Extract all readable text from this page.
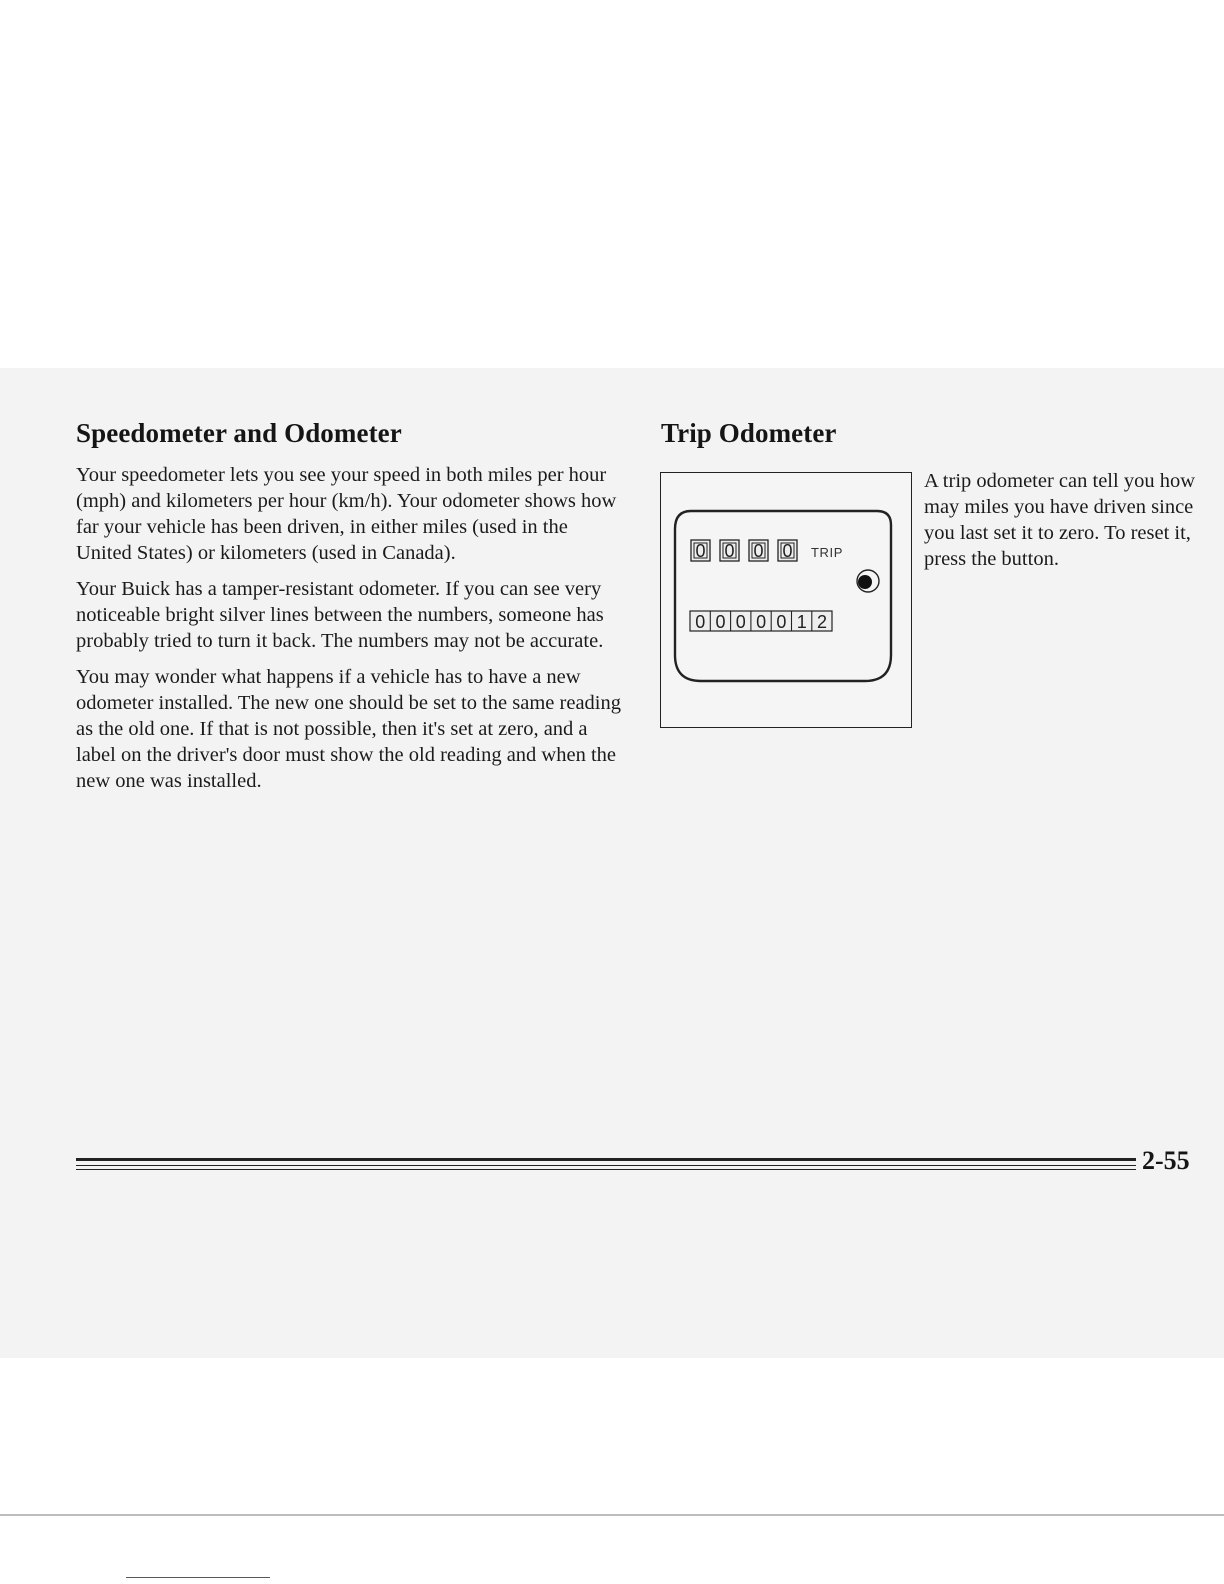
Speedometer and Odometer

Your speedometer lets you see your speed in both miles per hour (mph) and kilometers per hour (km/h). Your odometer shows how far your vehicle has been driven, in either miles (used in the United States) or kilometers (used in Canada).

Your Buick has a tamper-resistant odometer. If you can see very noticeable bright silver lines between the numbers, someone has probably tried to turn it back. The numbers may not be accurate.

You may wonder what happens if a vehicle has to have a new odometer installed. The new one should be set to the same reading as the old one. If that is not possible, then it's set at zero, and a label on the driver's door must show the old reading and when the new one was installed.

Trip Odometer
0 0 0 0 TRIP
0 0 0 0 0 1 2

A trip odometer can tell you how may miles you have driven since you last set it to zero. To reset it, press the button.

2-55
